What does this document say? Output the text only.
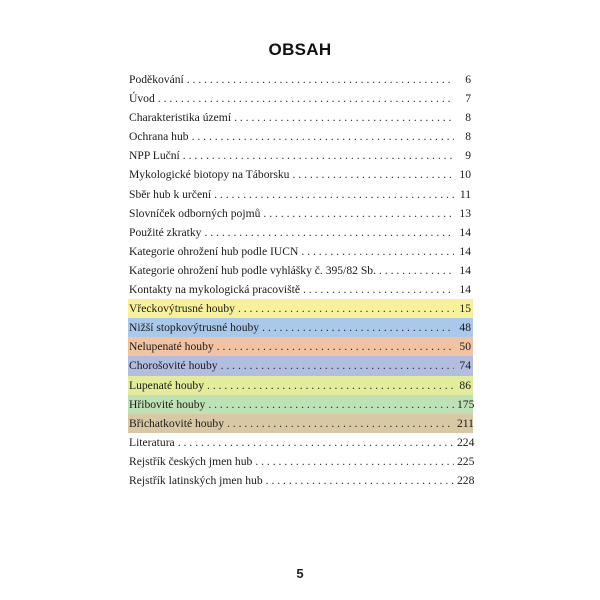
OBSAH
Poděkování . . .	6
Úvod . . .	7
Charakteristika území . . .	8
Ochrana hub . . .	8
NPP Luční . . .	9
Mykologické biotopy na Táborsku . . .	10
Sběr hub k určení . . .	11
Slovníček odborných pojmů . . .	13
Použité zkratky . . .	14
Kategorie ohrožení hub podle IUCN . . .	14
Kategorie ohrožení hub podle vyhlášky č. 395/82 Sb. . . .	14
Kontakty na mykologická pracoviště . . .	14
Vřeckovýtrusné houby . . .	15
Nižší stopkovýtrusné houby . . .	48
Nelupenaté houby . . .	50
Chorošovité houby . . .	74
Lupenaté houby . . .	86
Hřibovité houby . . .	175
Břichatkovité houby . . .	211
Literatura . . .	224
Rejstřík českých jmen hub . . .	225
Rejstřík latinských jmen hub . . .	228
5
